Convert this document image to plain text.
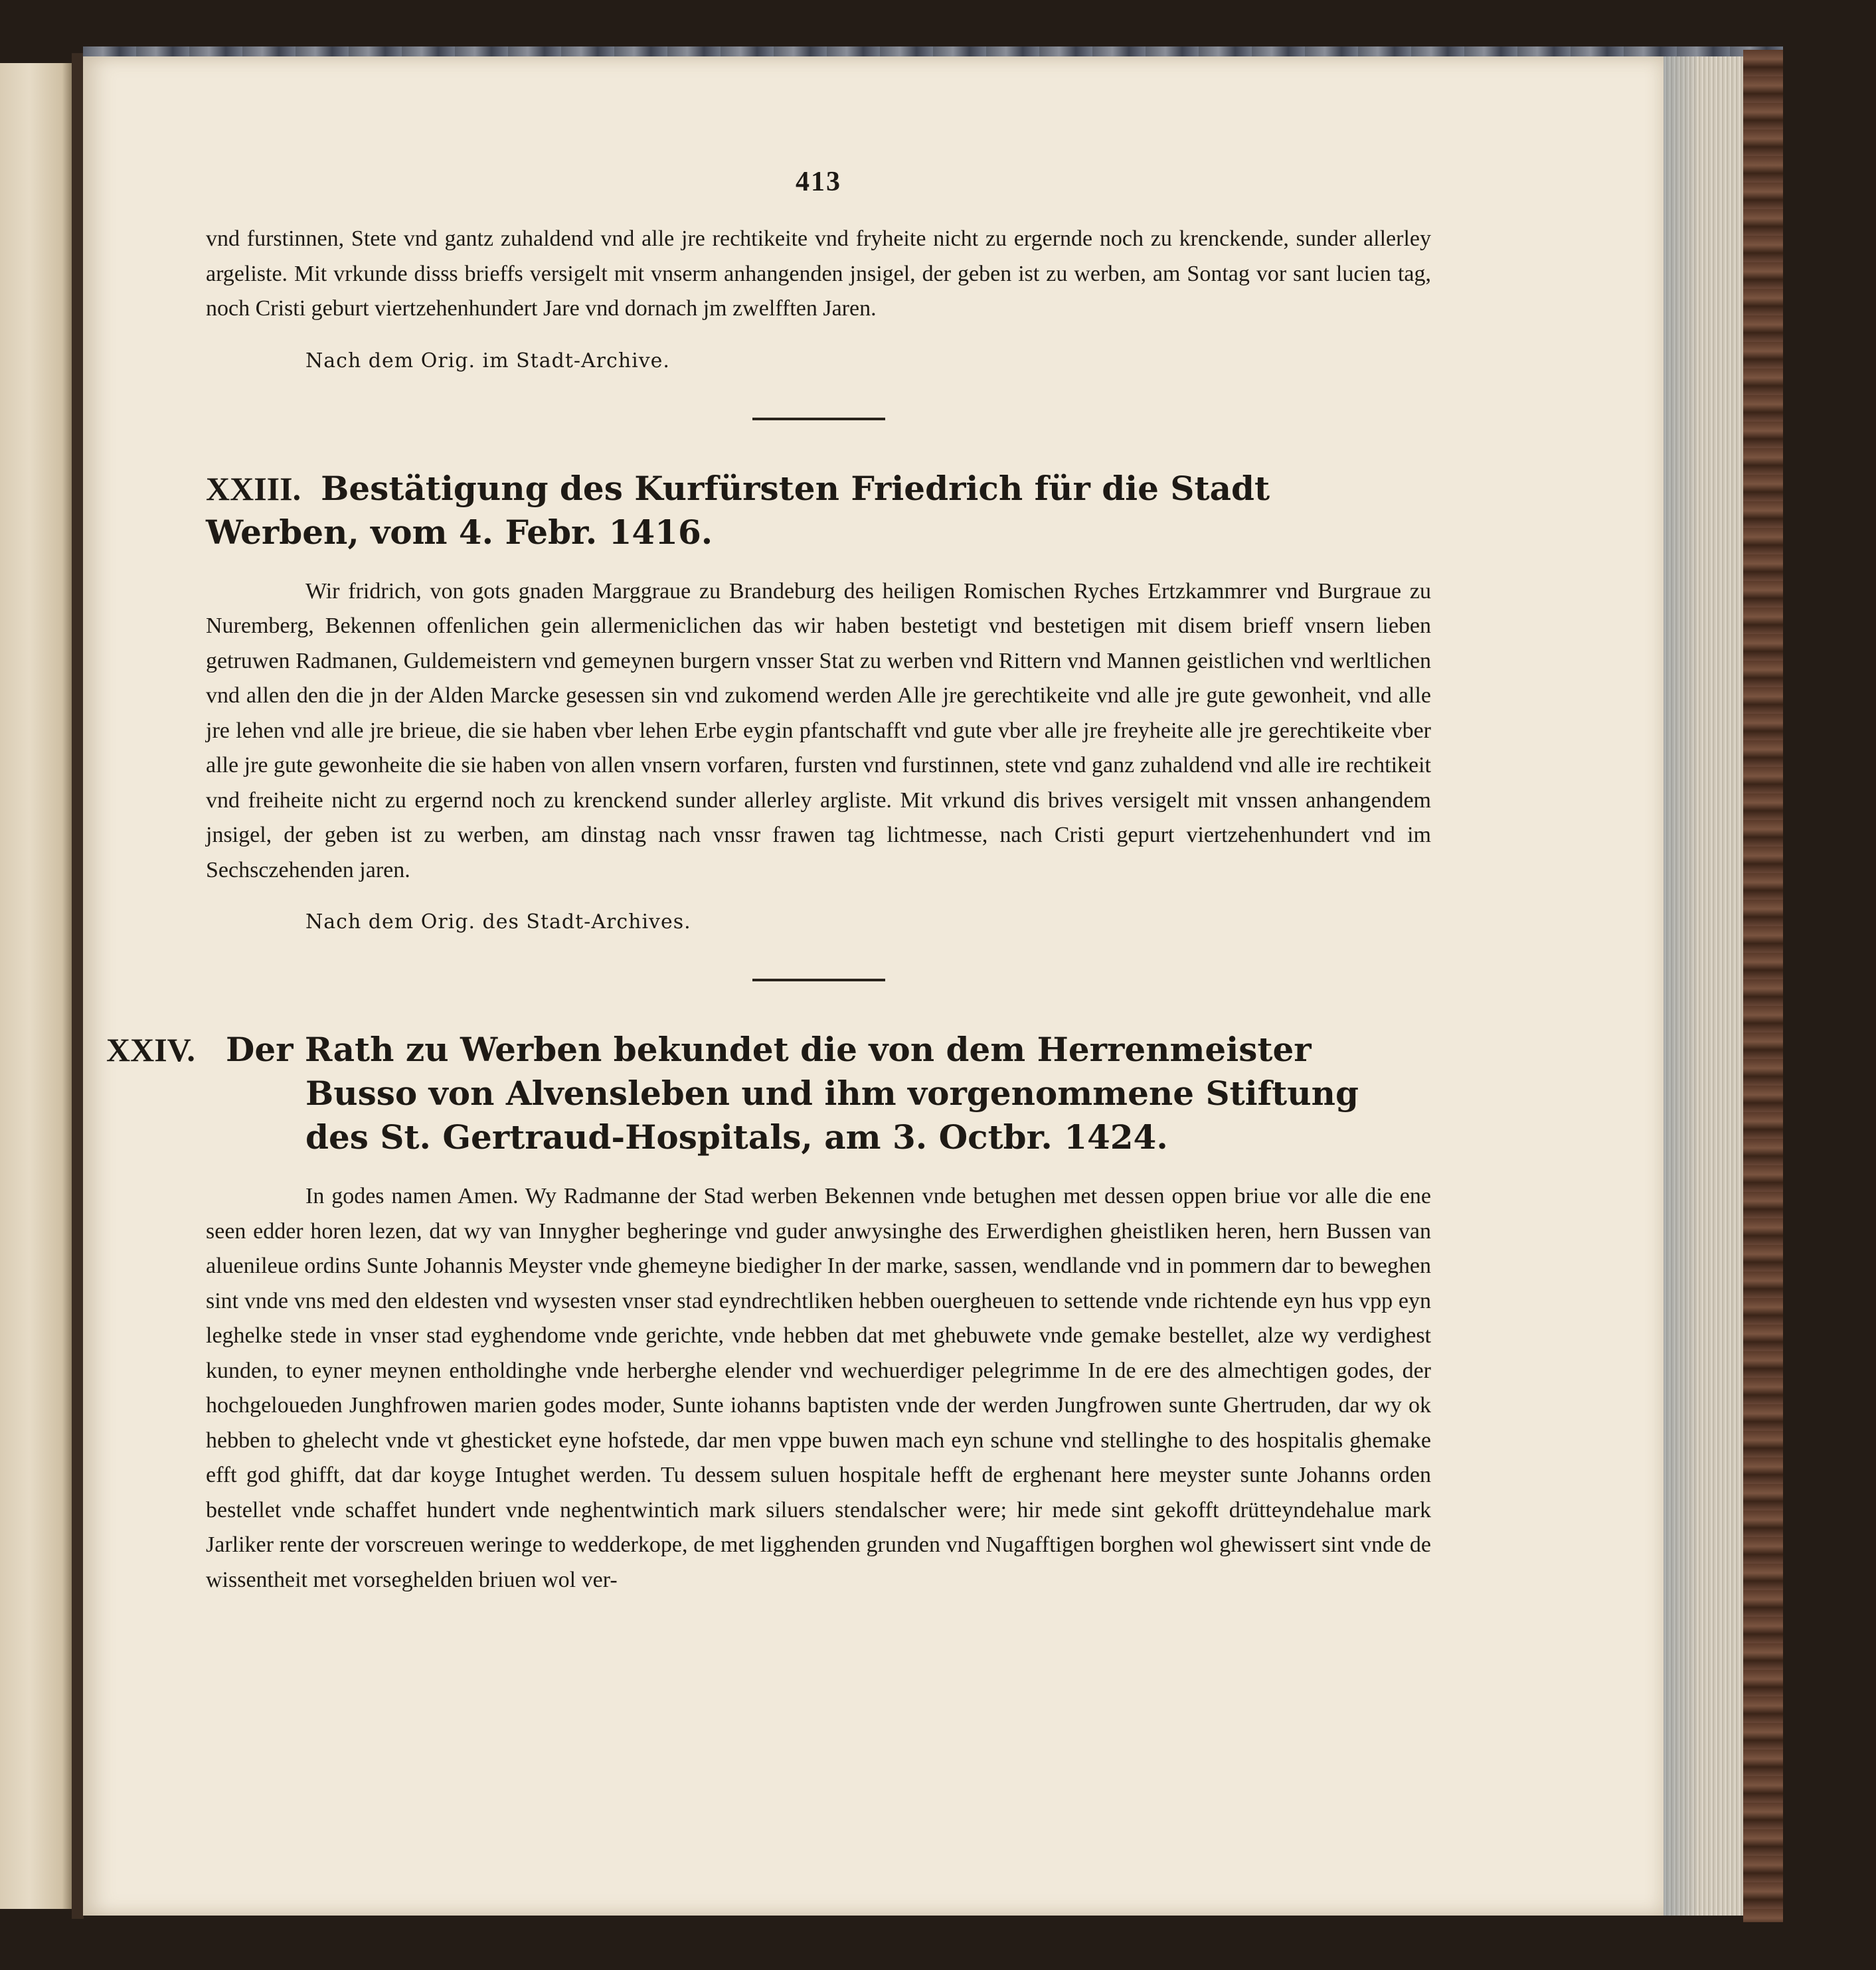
413

vnd furstinnen, Stete vnd gantz zuhaldend vnd alle jre rechtikeite vnd fryheite nicht zu ergernde noch zu krenckende, sunder allerley argeliste. Mit vrkunde disss brieffs versigelt mit vnserm anhangenden jnsigel, der geben ist zu werben, am Sontag vor sant lucien tag, noch Cristi geburt viertzehenhundert Jare vnd dornach jm zwelfften Jaren.

Nach dem Orig. im Stadt-Archive.
XXIII. Bestätigung des Kurfürsten Friedrich für die Stadt Werben, vom 4. Febr. 1416.

Wir fridrich, von gots gnaden Marggraue zu Brandeburg des heiligen Romischen Ryches Ertzkammrer vnd Burgraue zu Nuremberg, Bekennen offenlichen gein allermeniclichen das wir haben bestetigt vnd bestetigen mit disem brieff vnsern lieben getruwen Radmanen, Guldemeistern vnd gemeynen burgern vnsser Stat zu werben vnd Rittern vnd Mannen geistlichen vnd werltlichen vnd allen den die jn der Alden Marcke gesessen sin vnd zukomend werden Alle jre gerechtikeite vnd alle jre gute gewonheit, vnd alle jre lehen vnd alle jre brieue, die sie haben vber lehen Erbe eygin pfantschafft vnd gute vber alle jre freyheite alle jre gerechtikeite vber alle jre gute gewonheite die sie haben von allen vnsern vorfaren, fursten vnd furstinnen, stete vnd ganz zuhaldend vnd alle ire rechtikeit vnd freiheite nicht zu ergernd noch zu krenckend sunder allerley argliste. Mit vrkund dis brives versigelt mit vnssen anhangendem jnsigel, der geben ist zu werben, am dinstag nach vnssr frawen tag lichtmesse, nach Cristi gepurt viertzehenhundert vnd im Sechsczehenden jaren.

Nach dem Orig. des Stadt-Archives.
Der Rath zu Werben bekundet die von dem Herrenmeister Busso von Alvensleben und ihm vorgenommene Stiftung des St. Gertraud-Hospitals, am 3. Octbr. 1424.

In godes namen Amen. Wy Radmanne der Stad werben Bekennen vnde betughen met dessen oppen briue vor alle die ene seen edder horen lezen, dat wy van Innygher begheringe vnd guder anwysinghe des Erwerdighen gheistliken heren, hern Bussen van aluenileue ordins Sunte Johannis Meyster vnde ghemeyne biedigher In der marke, sassen, wendlande vnd in pommern dar to beweghen sint vnde vns med den eldesten vnd wysesten vnser stad eyndrechtliken hebben ouergheuen to settende vnde richtende eyn hus vpp eyn leghelke stede in vnser stad eyghendome vnde gerichte, vnde hebben dat met ghebuwete vnde gemake bestellet, alze wy verdighest kunden, to eyner meynen entholdinghe vnde herberghe elender vnd wechuerdiger pelegrimme In de ere des almechtigen godes, der hochgeloueden Junghfrowen marien godes moder, Sunte iohanns baptisten vnde der werden Jungfrowen sunte Ghertruden, dar wy ok hebben to ghelecht vnde vt ghesticket eyne hofstede, dar men vppe buwen mach eyn schune vnd stellinghe to des hospitalis ghemake efft god ghifft, dat dar koyge Intughet werden. Tu dessem suluen hospitale hefft de erghenant here meyster sunte Johanns orden bestellet vnde schaffet hundert vnde neghentwintich mark siluers stendalscher were; hir mede sint gekofft drütteyndehalue mark Jarliker rente der vorscreuen weringe to wedderkope, de met ligghenden grunden vnd Nugafftigen borghen wol ghewissert sint vnde de wissentheit met vorseghelden briuen wol ver-
